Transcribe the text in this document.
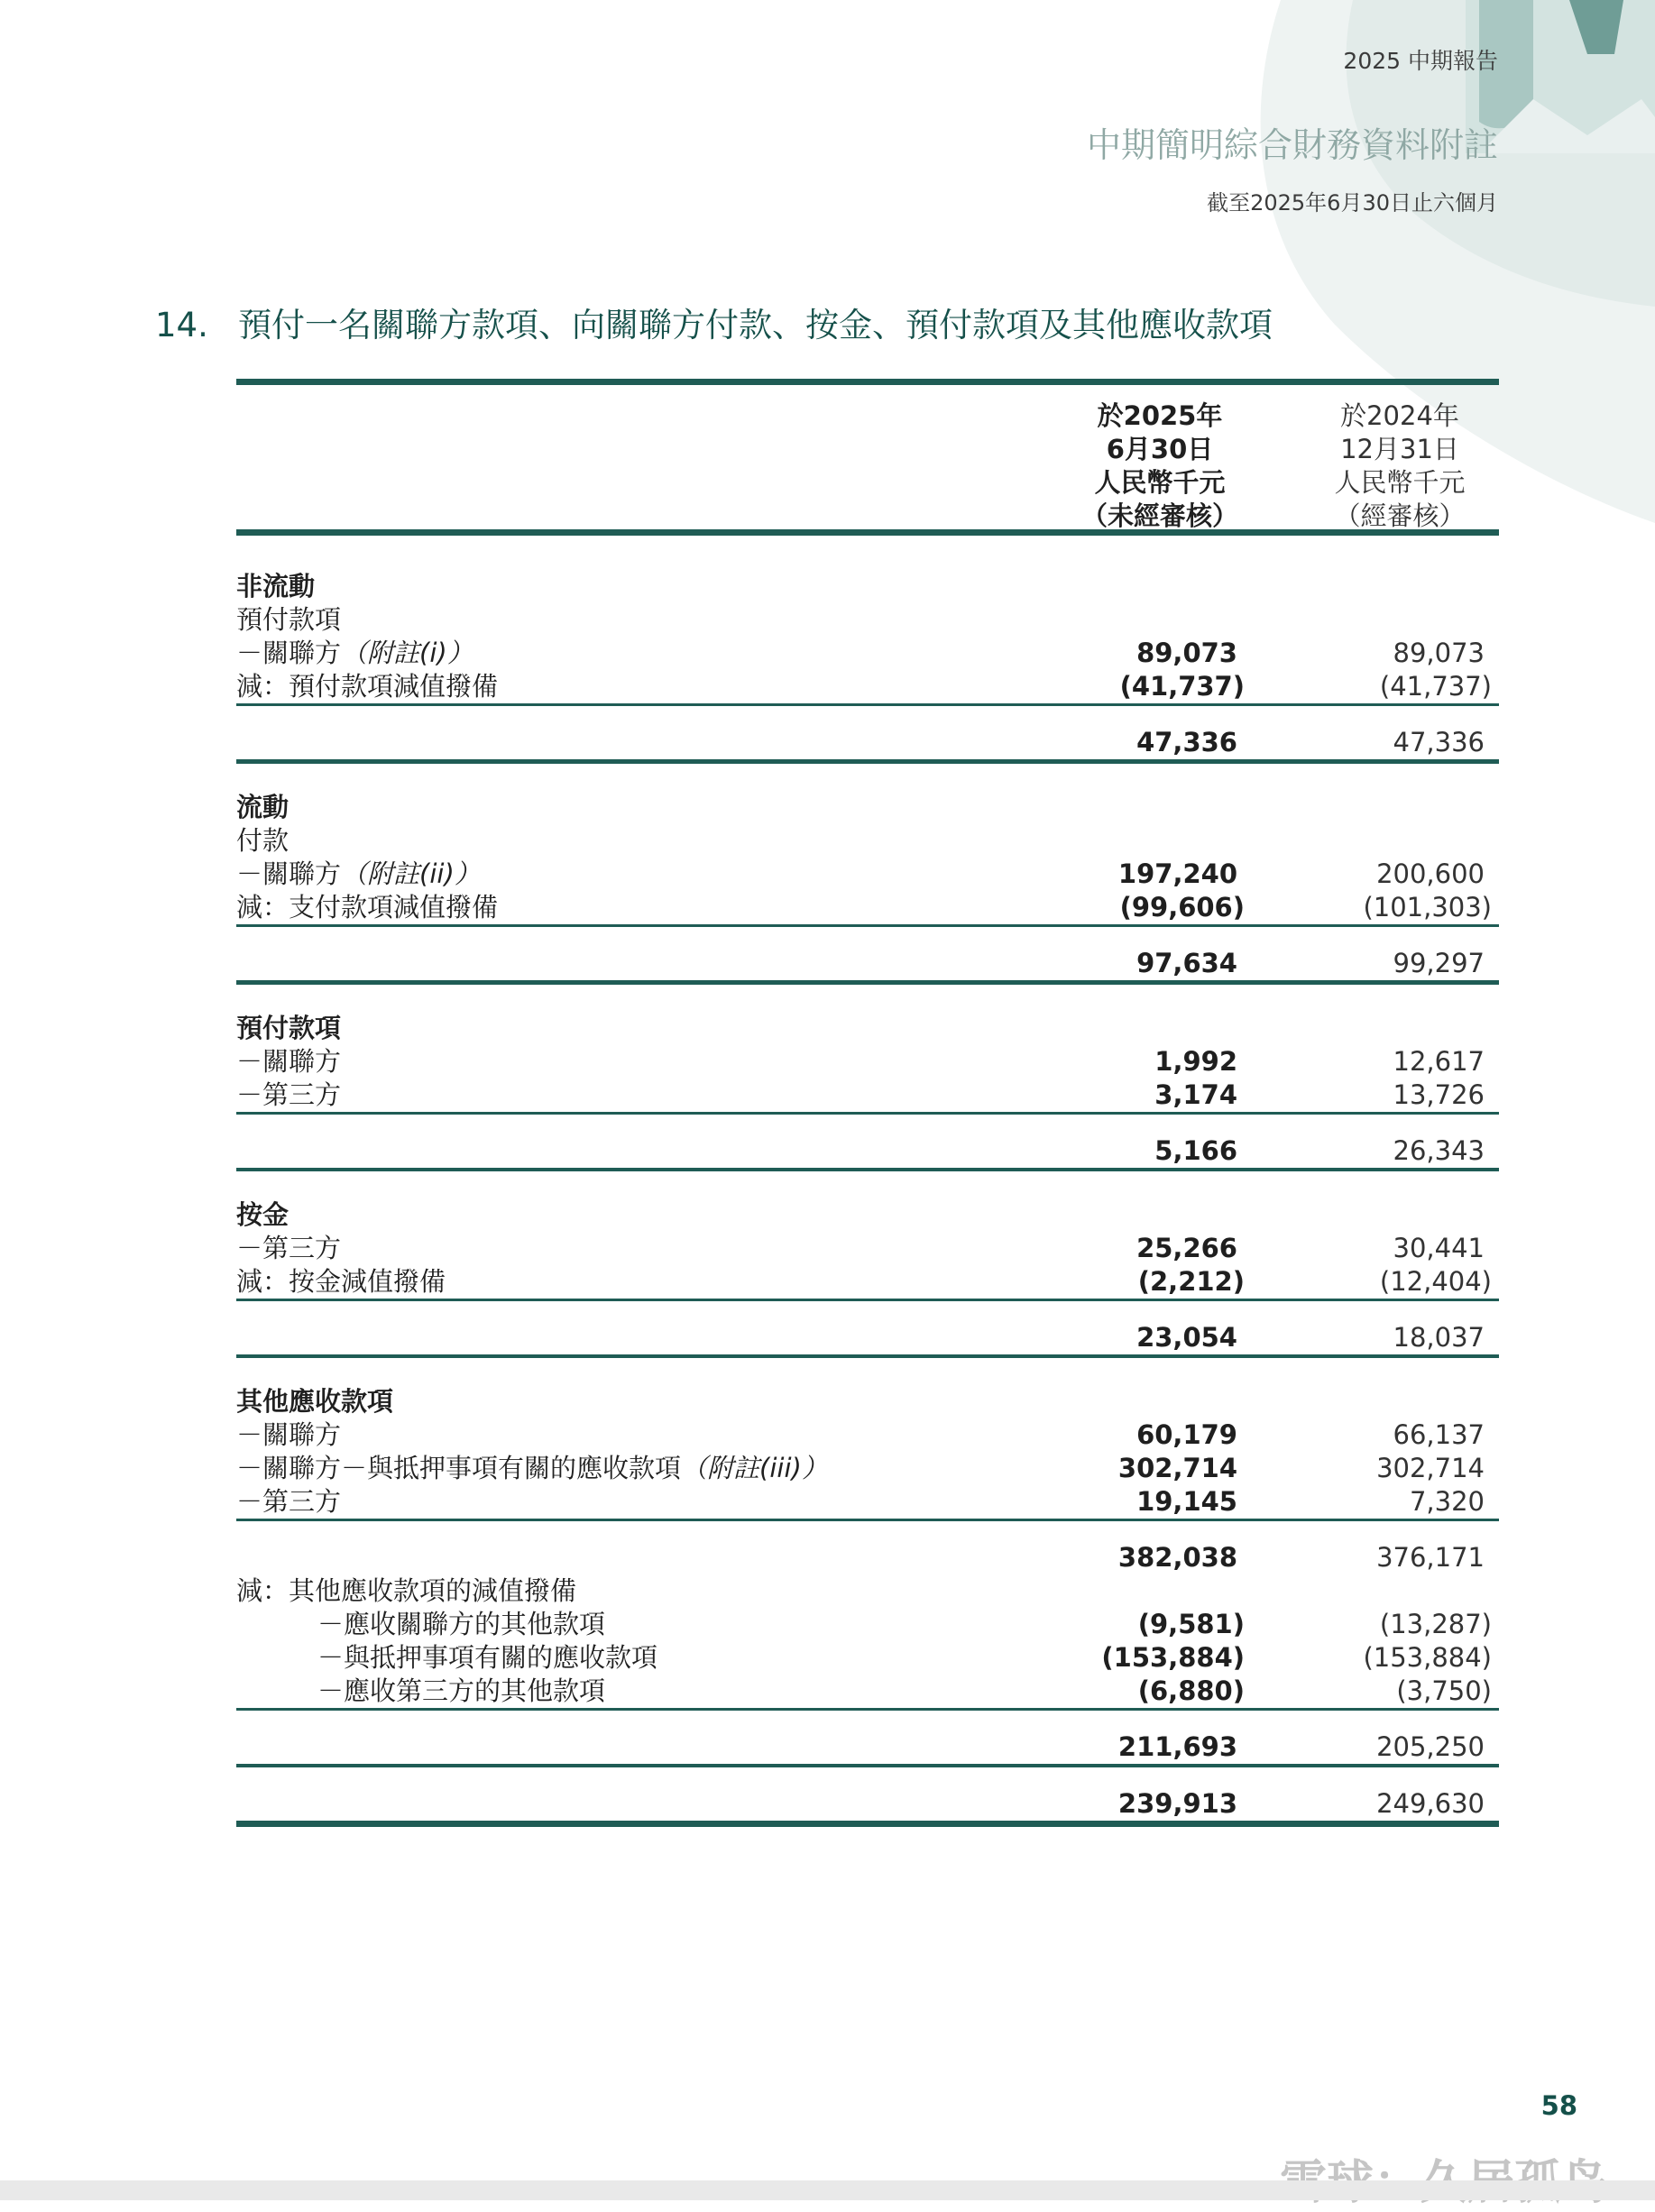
2025 中期報告
中期簡明綜合財務資料附註
截至2025年6月30日止六個月
14. 預付一名關聯方款項、向關聯方付款、按金、預付款項及其他應收款項
於2025年
6月30日
人民幣千元
（未經審核）
於2024年
12月31日
人民幣千元
（經審核）
非流動
預付款項
－關聯方（附註(i)）	89,073	89,073
減：預付款項減值撥備	(41,737)	(41,737)
47,336	47,336
流動
付款
－關聯方（附註(ii)）	197,240	200,600
減：支付款項減值撥備	(99,606)	(101,303)
97,634	99,297
預付款項
－關聯方	1,992	12,617
－第三方	3,174	13,726
5,166	26,343
按金
－第三方	25,266	30,441
減：按金減值撥備	(2,212)	(12,404)
23,054	18,037
其他應收款項
－關聯方	60,179	66,137
－關聯方－與抵押事項有關的應收款項（附註(iii)）	302,714	302,714
－第三方	19,145	7,320
382,038	376,171
減：其他應收款項的減值撥備
－應收關聯方的其他款項	(9,581)	(13,287)
－與抵押事項有關的應收款項	(153,884)	(153,884)
－應收第三方的其他款項	(6,880)	(3,750)
211,693	205,250
239,913	249,630
58
